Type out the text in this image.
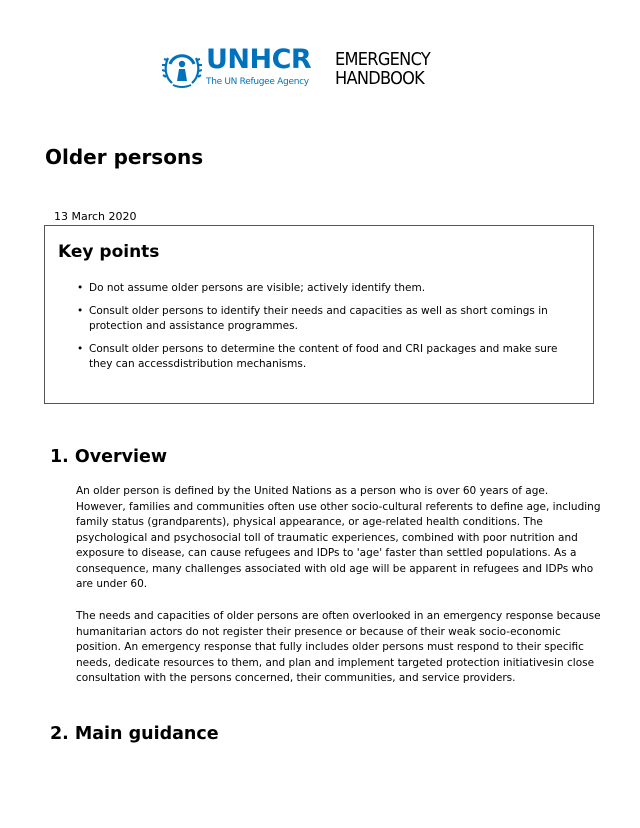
UNHCR
The UN Refugee Agency
EMERGENCY
HANDBOOK
Older persons
13 March 2020
Key points
• Do not assume older persons are visible; actively identify them.
• Consult older persons to identify their needs and capacities as well as short comings in protection and assistance programmes.
• Consult older persons to determine the content of food and CRI packages and make sure they can accessdistribution mechanisms.
1. Overview

An older person is defined by the United Nations as a person who is over 60 years of age. However, families and communities often use other socio-cultural referents to define age, including family status (grandparents), physical appearance, or age-related health conditions. The psychological and psychosocial toll of traumatic experiences, combined with poor nutrition and exposure to disease, can cause refugees and IDPs to 'age' faster than settled populations. As a consequence, many challenges associated with old age will be apparent in refugees and IDPs who are under 60.

The needs and capacities of older persons are often overlooked in an emergency response because humanitarian actors do not register their presence or because of their weak socio-economic position. An emergency response that fully includes older persons must respond to their specific needs, dedicate resources to them, and plan and implement targeted protection initiativesin close consultation with the persons concerned, their communities, and service providers.

2. Main guidance
